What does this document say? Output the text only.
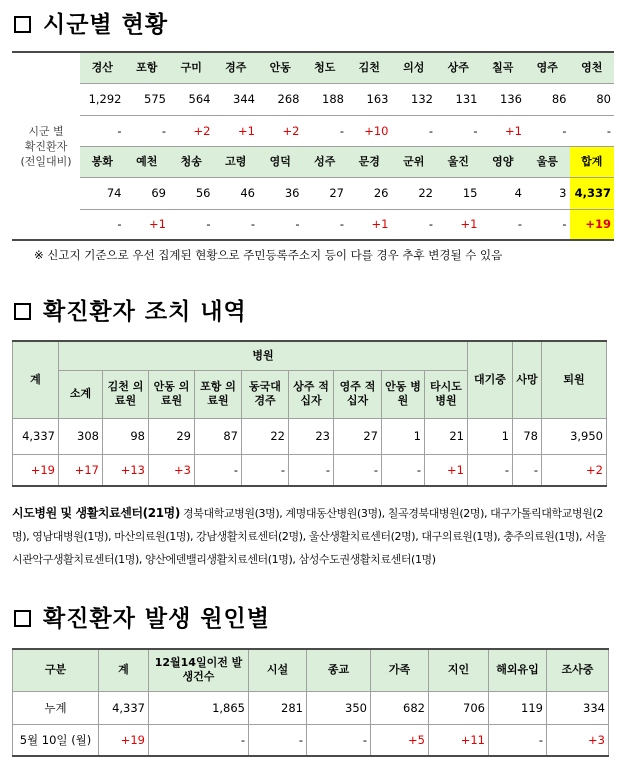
시군별 현황
시군 별
확진환자
(전일대비)	경산	포항	구미	경주	안동	청도	김천	의성	상주	칠곡	영주	영천
	1,292	575	564	344	268	188	163	132	131	136	86	80
	-	-	+2	+1	+2	-	+10	-	-	+1	-	-
	봉화	예천	청송	고령	영덕	성주	문경	군위	울진	영양	울릉	합계
	74	69	56	46	36	27	26	22	15	4	3	4,337
	-	+1	-	-	-	-	+1	-	+1	-	-	+19
※ 신고지 기준으로 우선 집계된 현황으로 주민등록주소지 등이 다를 경우 추후 변경될 수 있음
확진환자 조치 내역
계	병원									대기중	사망	퇴원
	소계	김천 의료원	안동 의료원	포항 의료원	동국대 경주	상주 적십자	영주 적십자	안동 병원	타시도 병원			
4,337	308	98	29	87	22	23	27	1	21	1	78	3,950
+19	+17	+13	+3	-	-	-	-	-	+1	-	-	+2
시도병원 및 생활치료센터(21명) 경북대학교병원(3명), 계명대동산병원(3명), 칠곡경북대병원(2명), 대구가톨릭대학교병원(2명), 영남대병원(1명), 마산의료원(1명), 강남생활치료센터(2명), 울산생활치료센터(2명), 대구의료원(1명), 충주의료원(1명), 서울시관악구생활치료센터(1명), 양산에덴밸리생활치료센터(1명), 삼성수도권생활치료센터(1명)
확진환자 발생 원인별
구분	계	12월14일이전 발생건수	시설	종교	가족	지인	해외유입	조사중
누계	4,337	1,865	281	350	682	706	119	334
5월 10일 (월)	+19	-	-	-	+5	+11	-	+3
